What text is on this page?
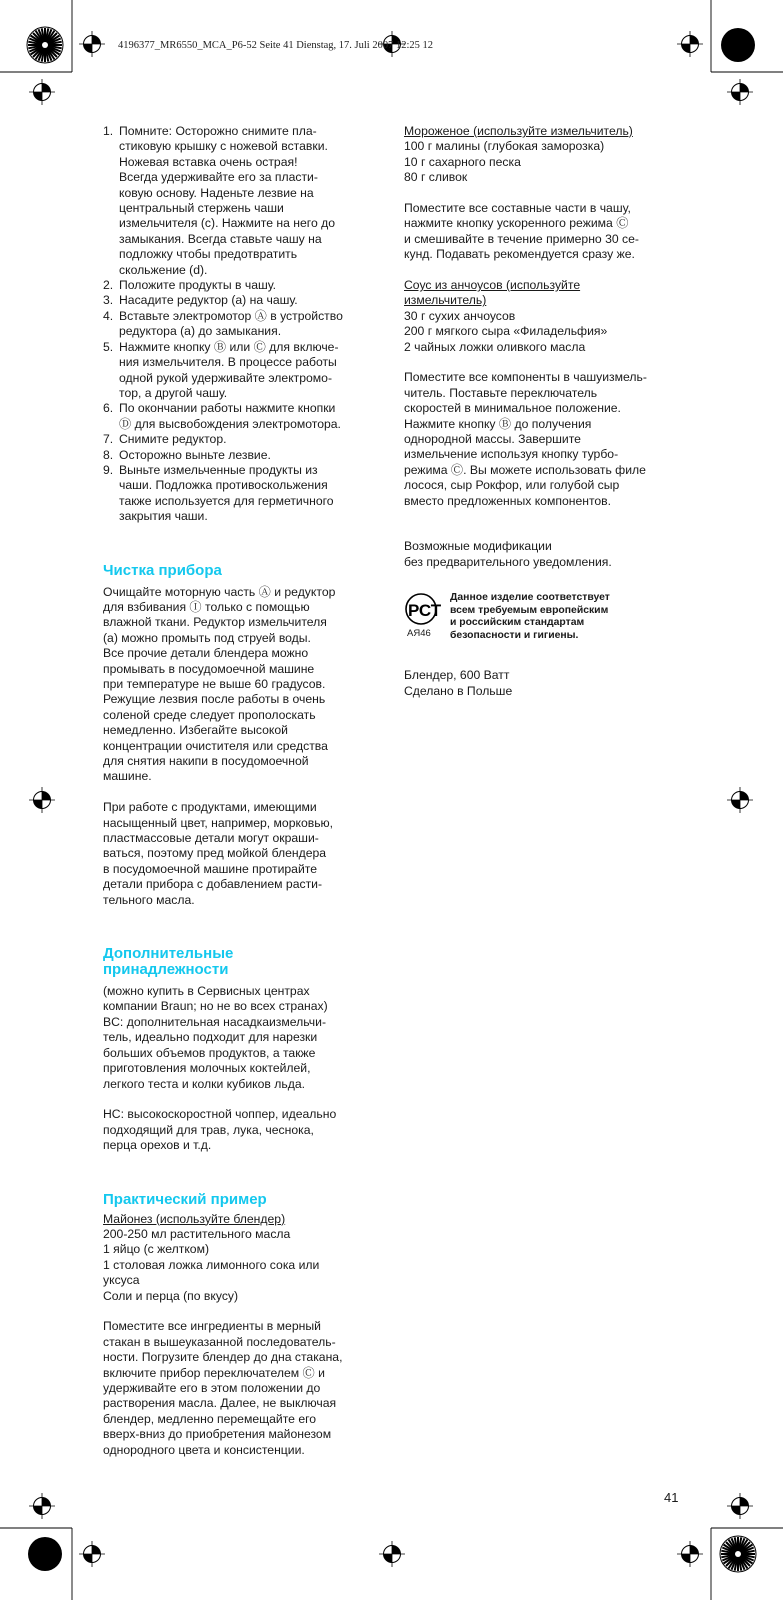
4196377_MR6550_MCA_P6-52 Seite 41 Dienstag, 17. Juli 2007 12:25 12
1. Помните: Осторожно снимите пла-
стиковую крышку с ножевой вставки.
Ножевая вставка очень острая!
Всегда удерживайте его за пласти-
ковую основу. Наденьте лезвие на
центральный стержень чаши
измельчителя (c). Нажмите на него до
замыкания. Всегда ставьте чашу на
подложку чтобы предотвратить
скольжение (d).
2. Положите продукты в чашу.
3. Насадите редуктор (a) на чашу.
4. Вставьте электромотор Ⓐ в устройство
редуктора (a) до замыкания.
5. Нажмите кнопку Ⓑ или Ⓒ для включе-
ния измельчителя. В процессе работы
одной рукой удерживайте электромо-
тор, а другой чашу.
6. По окончании работы нажмите кнопки
Ⓓ для высвобождения электромотора.
7. Снимите редуктор.
8. Осторожно выньте лезвие.
9. Выньте измельченные продукты из
чаши. Подложка противоскольжения
также используется для герметичного
закрытия чаши.
Чистка прибора

Очищайте моторную часть Ⓐ и редуктор
для взбивания Ⓘ только с помощью
влажной ткани. Редуктор измельчителя
(a) можно промыть под струей воды.
Все прочие детали блендера можно
промывать в посудомоечной машине
при температуре не выше 60 градусов.
Режущие лезвия после работы в очень
соленой среде следует прополоскать
немедленно. Избегайте высокой
концентрации очистителя или средства
для снятия накипи в посудомоечной
машине.

При работе с продуктами, имеющими
насыщенный цвет, например, морковью,
пластмассовые детали могут окраши-
ваться, поэтому пред мойкой блендера
в посудомоечной машине протирайте
детали прибора с добавлением расти-
тельного масла.

Дополнительные
принадлежности

(можно купить в Сервисных центрах
компании Braun; но не во всех странах)
BC: дополнительная насадкаизмельчи-
тель, идеально подходит для нарезки
больших объемов продуктов, а также
приготовления молочных коктейлей,
легкого теста и колки кубиков льда.

HC: высокоскоростной чоппер, идеально
подходящий для трав, лука, чеснока,
перца орехов и т.д.

Практический пример

Майонез (используйте блендер)

200-250 мл растительного масла
1 яйцо (с желтком)
1 столовая ложка лимонного сока или
уксуса
Соли и перца (по вкусу)

Поместите все ингредиенты в мерный
стакан в вышеуказанной последователь-
ности. Погрузите блендер до дна стакана,
включите прибор переключателем Ⓒ и
удерживайте его в этом положении до
растворения масла. Далее, не выключая
блендер, медленно перемещайте его
вверх-вниз до приобретения майонезом
однородного цвета и консистенции.

Мороженое (используйте измельчитель)

100 г малины (глубокая заморозка)
10 г сахарного песка
80 г сливок

Поместите все составные части в чашу,
нажмите кнопку ускоренного режима Ⓒ
и смешивайте в течение примерно 30 се-
кунд. Подавать рекомендуется сразу же.

Соус из анчоусов (используйте
измельчитель)

30 г сухих анчоусов
200 г мягкого сыра «Филадельфия»
2 чайных ложки оливкого масла

Поместите все компоненты в чашуизмель-
читель. Поставьте переключатель
скоростей в минимальное положение.
Нажмите кнопку Ⓑ до получения
однородной массы. Завершите
измельчение используя кнопку турбо-
режима Ⓒ. Вы можете использовать филе
лосося, сыр Рокфор, или голубой сыр
вместо предложенных компонентов.

Возможные модификации
без предварительного уведомления.

РСТ
АЯ46
Данное изделие соответствует
всем требуемым европейским
и российским стандартам
безопасности и гигиены.

Блендер, 600 Ватт
Сделано в Польше

41
